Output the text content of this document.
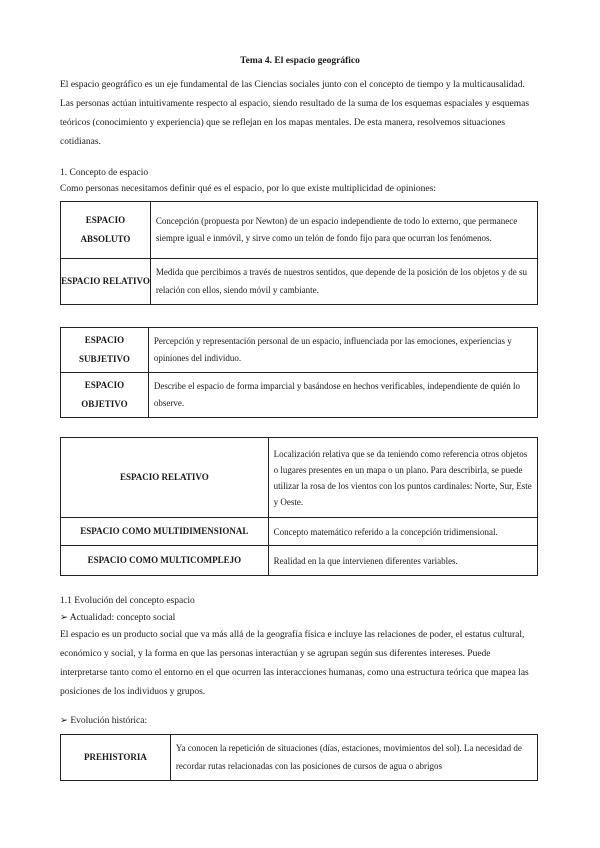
Tema 4. El espacio geográfico

El espacio geográfico es un eje fundamental de las Ciencias sociales junto con el concepto de tiempo y la multicausalidad. Las personas actúan intuitivamente respecto al espacio, siendo resultado de la suma de los esquemas espaciales y esquemas teóricos (conocimiento y experiencia) que se reflejan en los mapas mentales. De esta manera, resolvemos situaciones cotidianas.

1. Concepto de espacio

Como personas necesitamos definir qué es el espacio, por lo que existe multiplicidad de opiniones:

ESPACIO ABSOLUTO	Concepción (propuesta por Newton) de un espacio independiente de todo lo externo, que permanece siempre igual e inmóvil, y sirve como un telón de fondo fijo para que ocurran los fenómenos.
ESPACIO RELATIVO	Medida que percibimos a través de nuestros sentidos, que depende de la posición de los objetos y de su relación con ellos, siendo móvil y cambiante.
ESPACIO SUBJETIVO	Percepción y representación personal de un espacio, influenciada por las emociones, experiencias y opiniones del individuo.
ESPACIO OBJETIVO	Describe el espacio de forma imparcial y basándose en hechos verificables, independiente de quién lo observe.
ESPACIO RELATIVO	Localización relativa que se da teniendo como referencia otros objetos o lugares presentes en un mapa o un plano. Para describirla, se puede utilizar la rosa de los vientos con los puntos cardinales: Norte, Sur, Este y Oeste.
ESPACIO COMO MULTIDIMENSIONAL	Concepto matemático referido a la concepción tridimensional.
ESPACIO COMO MULTICOMPLEJO	Realidad en la que intervienen diferentes variables.

1.1 Evolución del concepto espacio

➢ Actualidad: concepto social

El espacio es un producto social que va más allá de la geografía física e incluye las relaciones de poder, el estatus cultural, económico y social, y la forma en que las personas interactúan y se agrupan según sus diferentes intereses. Puede interpretarse tanto como el entorno en el que ocurren las interacciones humanas, como una estructura teórica que mapea las posiciones de los individuos y grupos.

➢ Evolución histórica:

PREHISTORIA	Ya conocen la repetición de situaciones (días, estaciones, movimientos del sol). La necesidad de recordar rutas relacionadas con las posiciones de cursos de agua o abrigos
